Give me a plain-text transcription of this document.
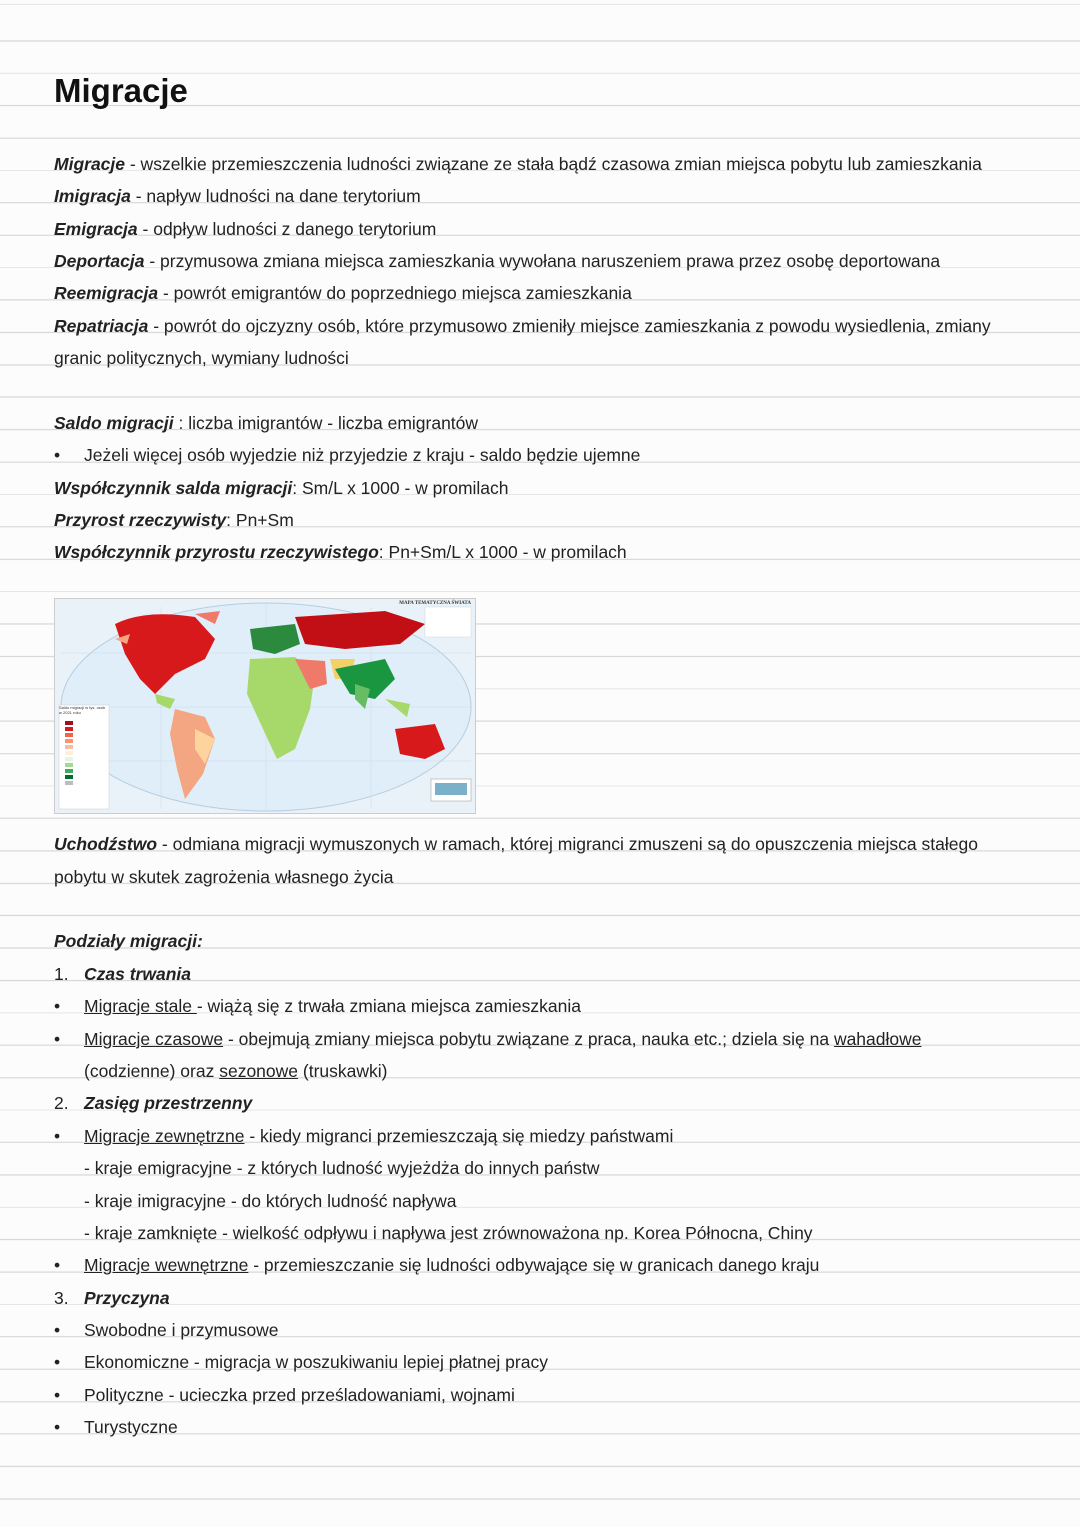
Migracje
Migracje - wszelkie przemieszczenia ludności związane ze stała bądź czasowa zmian miejsca pobytu lub zamieszkania
Imigracja - napływ ludności na dane terytorium
Emigracja - odpływ ludności z danego terytorium
Deportacja - przymusowa zmiana miejsca zamieszkania wywołana naruszeniem prawa przez osobę deportowana
Reemigracja - powrót emigrantów do poprzedniego miejsca zamieszkania
Repatriacja - powrót do ojczyzny osób, które przymusowo zmieniły miejsce zamieszkania z powodu wysiedlenia, zmiany
granic politycznych, wymiany ludności
Saldo migracji : liczba imigrantów - liczba emigrantów
• Jeżeli więcej osób wyjedzie niż przyjedzie z kraju - saldo będzie ujemne
Współczynnik salda migracji: Sm/L x 1000 - w promilach
Przyrost rzeczywisty: Pn+Sm
Współczynnik przyrostu rzeczywistego: Pn+Sm/L x 1000 - w promilach
MAPA TEMATYCZNA ŚWIATA
Saldo migracji w tys. osób w 2021 roku
Uchodźstwo - odmiana migracji wymuszonych w ramach, której migranci zmuszeni są do opuszczenia miejsca stałego
pobytu w skutek zagrożenia własnego życia
Podziały migracji:
1. Czas trwania
• Migracje stale - wiążą się z trwała zmiana miejsca zamieszkania
• Migracje czasowe - obejmują zmiany miejsca pobytu związane z praca, nauka etc.; dziela się na wahadłowe
(codzienne) oraz sezonowe (truskawki)
2. Zasięg przestrzenny
• Migracje zewnętrzne - kiedy migranci przemieszczają się miedzy państwami
- kraje emigracyjne - z których ludność wyjeżdża do innych państw
- kraje imigracyjne - do których ludność napływa
- kraje zamknięte - wielkość odpływu i napływa jest zrównoważona np. Korea Północna, Chiny
• Migracje wewnętrzne - przemieszczanie się ludności odbywające się w granicach danego kraju
3. Przyczyna
• Swobodne i przymusowe
• Ekonomiczne - migracja w poszukiwaniu lepiej płatnej pracy
• Polityczne - ucieczka przed prześladowaniami, wojnami
• Turystyczne
